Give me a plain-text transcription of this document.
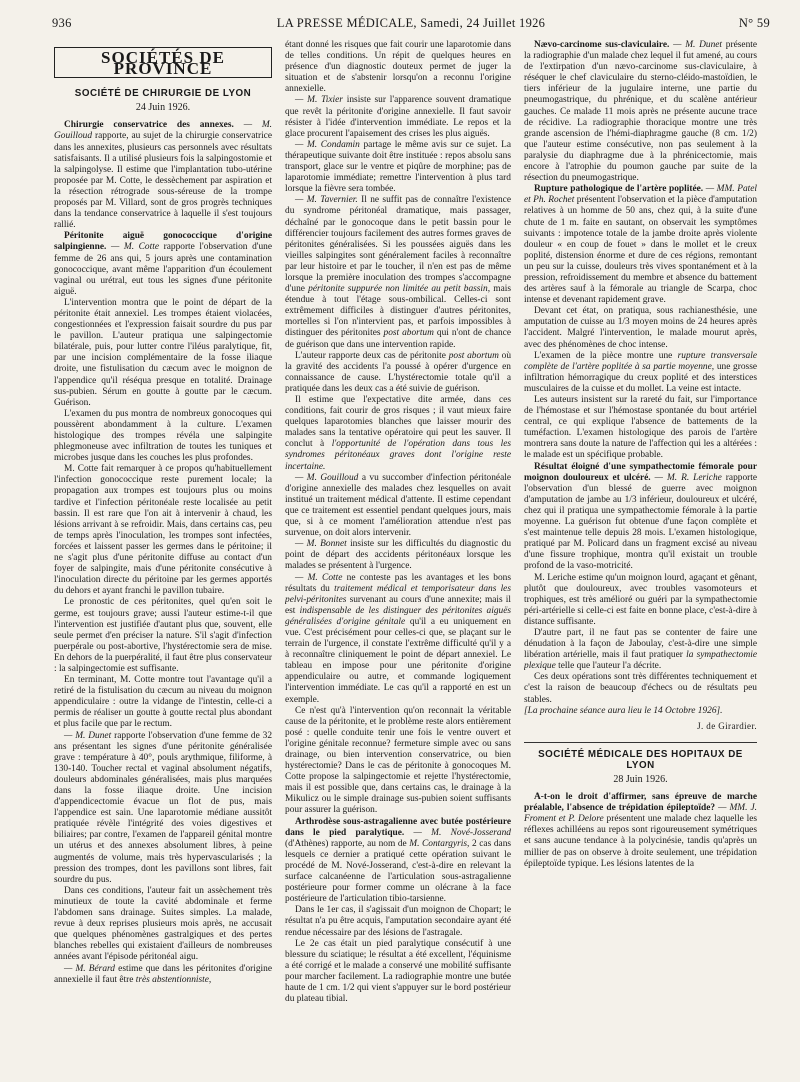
936	LA PRESSE MÉDICALE, Samedi, 24 Juillet 1926	N° 59
SOCIÉTÉS DE PROVINCE
SOCIÉTÉ DE CHIRURGIE DE LYON
24 Juin 1926.

Chirurgie conservatrice des annexes. — M. Gouilloud rapporte, au sujet de la chirurgie conservatrice dans les annexites, plusieurs cas personnels avec résultats satisfaisants. Il a utilisé plusieurs fois la salpingostomie et la salpingolyse. Il estime que l'implantation tubo-utérine proposée par M. Cotte, le dessèchement par aspiration et la résection rétrograde sous-séreuse de la trompe proposés par M. Villard, sont de gros progrès techniques dans la tendance conservatrice à laquelle il s'est toujours rallié.

Péritonite aiguë gonococcique d'origine salpingienne. — M. Cotte rapporte l'observation d'une femme de 26 ans qui, 5 jours après une contamination gonococcique, avant même l'apparition d'un écoulement vaginal ou urétral, eut tous les signes d'une péritonite aiguë.

L'intervention montra que le point de départ de la péritonite était annexiel. Les trompes étaient violacées, congestionnées et l'expression faisait sourdre du pus par le pavillon. L'auteur pratiqua une salpingectomie bilatérale, puis, pour lutter contre l'iléus paralytique, fit, par une incision complémentaire de la fosse iliaque droite, une fistulisation du cæcum avec le moignon de l'appendice qu'il réséqua presque en totalité. Drainage sus-pubien. Sérum en goutte à goutte par le cæcum. Guérison.

L'examen du pus montra de nombreux gonocoques qui poussèrent abondamment à la culture. L'examen histologique des trompes révéla une salpingite phlegmoneuse avec infiltration de toutes les tuniques et microbes jusque dans les couches les plus profondes.

M. Cotte fait remarquer à ce propos qu'habituellement l'infection gonococcique reste purement locale; la propagation aux trompes est toujours plus ou moins tardive et l'infection péritonéale reste localisée au petit bassin. Il est rare que l'on ait à intervenir à chaud, les lésions arrivant à se refroidir. Mais, dans certains cas, peu de temps après l'inoculation, les trompes sont infectées, forcées et laissent passer les germes dans le péritoine; il ne s'agit plus d'une péritonite diffuse au contact d'un foyer de salpingite, mais d'une péritonite consécutive à l'inoculation directe du péritoine par les germes apportés du dehors et ayant franchi le pavillon tubaire.

Le pronostic de ces péritonites, quel qu'en soit le germe, est toujours grave; aussi l'auteur estime-t-il que l'intervention est justifiée d'autant plus que, souvent, elle seule permet d'en préciser la nature. S'il s'agit d'infection puerpérale ou post-abortive, l'hystérectomie sera de mise. En dehors de la puerpéralité, il faut être plus conservateur : la salpingectomie est suffisante.

En terminant, M. Cotte montre tout l'avantage qu'il a retiré de la fistulisation du cæcum au niveau du moignon appendiculaire : outre la vidange de l'intestin, celle-ci a permis de réaliser un goutte à goutte rectal plus abondant et plus facile que par le rectum.

— M. Dunet rapporte l'observation d'une femme de 32 ans présentant les signes d'une péritonite généralisée grave : température à 40°, pouls arythmique, filiforme, à 130-140. Toucher rectal et vaginal absolument négatifs, douleurs abdominales généralisées, mais plus marquées dans la fosse iliaque droite. Une incision d'appendicectomie évacue un flot de pus, mais l'appendice est sain. Une laparotomie médiane aussitôt pratiquée révèle l'intégrité des voies digestives et biliaires; par contre, l'examen de l'appareil génital montre un utérus et des annexes absolument libres, à peine augmentés de volume, mais très hypervascularisés ; la pression des trompes, dont les pavillons sont libres, fait sourdre du pus.

Dans ces conditions, l'auteur fait un assèchement très minutieux de toute la cavité abdominale et ferme l'abdomen sans drainage. Suites simples. La malade, revue à deux reprises plusieurs mois après, ne accusait que quelques phénomènes gastralgiques et des pertes blanches rebelles qui existaient d'ailleurs de nombreuses années avant l'épisode péritonéal aigu.

— M. Bérard estime que dans les péritonites d'origine annexielle il faut être très abstentionniste,

étant donné les risques que fait courir une laparotomie dans de telles conditions. Un répit de quelques heures en présence d'un diagnostic douteux permet de juger la situation et de s'abstenir lorsqu'on a reconnu l'origine annexielle.

— M. Tixier insiste sur l'apparence souvent dramatique que revêt la péritonite d'origine annexielle. Il faut savoir résister à l'idée d'intervention immédiate. Le repos et la glace procurent l'apaisement des crises les plus aiguës.

— M. Condamin partage le même avis sur ce sujet. La thérapeutique suivante doit être instituée : repos absolu sans transport, glace sur le ventre et piqûre de morphine; pas de laparotomie immédiate; remettre l'intervention à plus tard lorsque la fièvre sera tombée.

— M. Tavernier. Il ne suffit pas de connaître l'existence du syndrome péritonéal dramatique, mais passager, déchaîné par le gonocoque dans le petit bassin pour le différencier toujours facilement des autres formes graves de péritonites généralisées. Si les poussées aiguës dans les vieilles salpingites sont généralement faciles à reconnaître par leur histoire et par le toucher, il n'en est pas de même lorsque la première inoculation des trompes s'accompagne d'une péritonite suppurée non limitée au petit bassin, mais étendue à tout l'étage sous-ombilical. Celles-ci sont extrêmement difficiles à distinguer d'autres péritonites, mortelles si l'on n'intervient pas, et parfois impossibles à distinguer des péritonites post abortum qui n'ont de chance de guérison que dans une intervention rapide.

L'auteur rapporte deux cas de péritonite post abortum où la gravité des accidents l'a poussé à opérer d'urgence en connaissance de cause. L'hystérectomie totale qu'il a pratiquée dans les deux cas a été suivie de guérison.

Il estime que l'expectative dite armée, dans ces conditions, fait courir de gros risques ; il vaut mieux faire quelques laparotomies blanches que laisser mourir des malades sans la tentative opératoire qui peut les sauver. Il conclut à l'opportunité de l'opération dans tous les syndromes péritonéaux graves dont l'origine reste incertaine.

— M. Gouilloud a vu succomber d'infection péritonéale d'origine annexielle des malades chez lesquelles on avait institué un traitement médical d'attente. Il estime cependant que ce traitement est essentiel pendant quelques jours, mais que, si à ce moment l'amélioration attendue n'est pas survenue, on doit alors intervenir.

— M. Bonnet insiste sur les difficultés du diagnostic du point de départ des accidents péritonéaux lorsque les malades se présentent à l'urgence.

— M. Cotte ne conteste pas les avantages et les bons résultats du traitement médical et temporisateur dans les pelvi-péritonites survenant au cours d'une annexite; mais il est indispensable de les distinguer des péritonites aiguës généralisées d'origine génitale qu'il a eu uniquement en vue. C'est précisément pour celles-ci que, se plaçant sur le terrain de l'urgence, il constate l'extrême difficulté qu'il y a à reconnaître cliniquement le point de départ annexiel. Le tableau en impose pour une péritonite d'origine appendiculaire ou autre, et commande logiquement l'intervention immédiate. Le cas qu'il a rapporté en est un exemple.

Ce n'est qu'à l'intervention qu'on reconnait la véritable cause de la péritonite, et le problème reste alors entièrement posé : quelle conduite tenir une fois le ventre ouvert et l'origine génitale reconnue? fermeture simple avec ou sans drainage, ou bien intervention conservatrice, ou bien hystérectomie? Dans le cas de péritonite à gonocoques M. Cotte propose la salpingectomie et rejette l'hystérectomie, mais il est possible que, dans certains cas, le drainage à la Mikulicz ou le simple drainage sus-pubien soient suffisants pour assurer la guérison.

Arthrodèse sous-astragalienne avec butée postérieure dans le pied paralytique. — M. Nové-Josserand (d'Athènes) rapporte, au nom de M. Contargyris, 2 cas dans lesquels ce dernier a pratiqué cette opération suivant le procédé de M. Nové-Josserand, c'est-à-dire en relevant la surface calcanéenne de l'articulation sous-astragalienne postérieure pour former comme un olécrane à la face postérieure de l'articulation tibio-tarsienne.

Dans le 1er cas, il s'agissait d'un moignon de Chopart; le résultat n'a pu être acquis, l'amputation secondaire ayant été rendue nécessaire par des lésions de l'astragale.

Le 2e cas était un pied paralytique consécutif à une blessure du sciatique; le résultat a été excellent, l'équinisme a été corrigé et le malade a conservé une mobilité suffisante pour marcher facilement. La radiographie montre une butée haute de 1 cm. 1/2 qui vient s'appuyer sur le bord postérieur du plateau tibial.

Nævo-carcinome sus-claviculaire. — M. Dunet présente la radiographie d'un malade chez lequel il fut amené, au cours de l'extirpation d'un nævo-carcinome sus-claviculaire, à réséquer le chef claviculaire du sterno-cléido-mastoïdien, le tiers inférieur de la jugulaire interne, une partie du pneumogastrique, du phrénique, et du scalène antérieur gauches. Ce malade 11 mois après ne présente aucune trace de récidive. La radiographie thoracique montre une très grande ascension de l'hémi-diaphragme gauche (8 cm. 1/2) que l'auteur estime consécutive, non pas seulement à la paralysie du diaphragme due à la phrénicectomie, mais encore à l'atrophie du poumon gauche par suite de la résection du pneumogastrique.

Rupture pathologique de l'artère poplitée. — MM. Patel et Ph. Rochet présentent l'observation et la pièce d'amputation relatives à un homme de 50 ans, chez qui, à la suite d'une chute de 1 m. faite en sautant, on observait les symptômes suivants : impotence totale de la jambe droite après violente douleur « en coup de fouet » dans le mollet et le creux poplité, distension énorme et dure de ces régions, remontant un peu sur la cuisse, douleurs très vives spontanément et à la pression, refroidissement du membre et absence du battement des artères sauf à la fémorale au triangle de Scarpa, choc intense et devenant rapidement grave.

Devant cet état, on pratiqua, sous rachianesthésie, une amputation de cuisse au 1/3 moyen moins de 24 heures après l'accident. Malgré l'intervention, le malade mourut après, avec des phénomènes de choc intense.

L'examen de la pièce montre une rupture transversale complète de l'artère poplitée à sa partie moyenne, une grosse infiltration hémorragique du creux poplité et des interstices musculaires de la cuisse et du mollet. La veine est intacte.

Les auteurs insistent sur la rareté du fait, sur l'importance de l'hémostase et sur l'hémostase spontanée du bout artériel central, ce qui explique l'absence de battements de la tuméfaction. L'examen histologique des parois de l'artère montrera sans doute la nature de l'affection qui les a altérées : le malade est un spécifique probable.

Résultat éloigné d'une sympathectomie fémorale pour moignon douloureux et ulcéré. — M. R. Leriche rapporte l'observation d'un blessé de guerre avec moignon d'amputation de jambe au 1/3 inférieur, douloureux et ulcéré, chez qui il pratiqua une sympathectomie fémorale à la partie moyenne. La guérison fut obtenue d'une façon complète et s'est maintenue telle depuis 28 mois. L'examen histologique, pratiqué par M. Policard dans un fragment excisé au niveau d'une fissure trophique, montra qu'il existait un trouble profond de la vaso-motricité.

M. Leriche estime qu'un moignon lourd, agaçant et gênant, plutôt que douloureux, avec troubles vasomoteurs et trophiques, est très amélioré ou guéri par la sympathectomie péri-artérielle si celle-ci est faite en bonne place, c'est-à-dire à distance suffisante.

D'autre part, il ne faut pas se contenter de faire une dénudation à la façon de Jaboulay, c'est-à-dire une simple libération artérielle, mais il faut pratiquer la sympathectomie plexique telle que l'auteur l'a décrite.

Ces deux opérations sont très différentes techniquement et c'est la raison de beaucoup d'échecs ou de résultats peu stables.

[La prochaine séance aura lieu le 14 Octobre 1926].

J. de Girardier.

SOCIÉTÉ MÉDICALE DES HOPITAUX DE LYON
28 Juin 1926.

A-t-on le droit d'affirmer, sans épreuve de marche préalable, l'absence de trépidation épileptoïde? — MM. J. Froment et P. Delore présentent une malade chez laquelle les réflexes achilléens au repos sont rigoureusement symétriques et sans aucune tendance à la polycinésie, tandis qu'après un millier de pas on observe à droite seulement, une trépidation épileptoïde typique. Les lésions latentes de la
